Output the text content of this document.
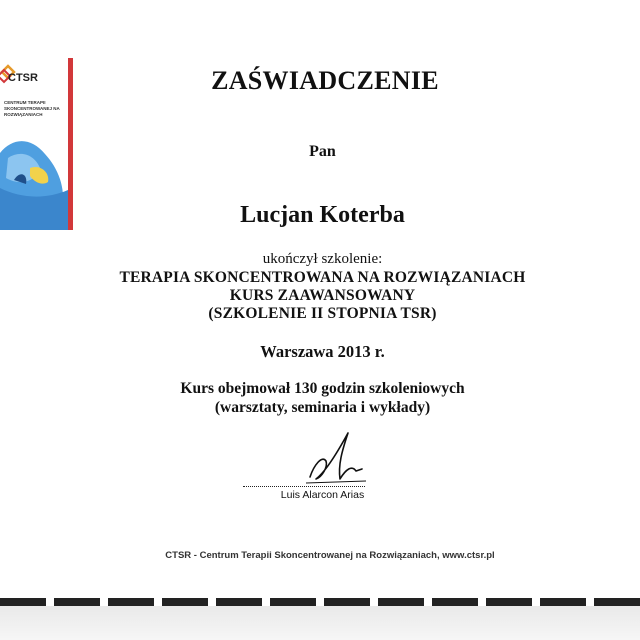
CTSR
CENTRUM TERAPII SKONCENTROWANEJ NA ROZWIĄZANIACH
ZAŚWIADCZENIE
Pan
Lucjan Koterba
ukończył szkolenie:
TERAPIA SKONCENTROWANA NA ROZWIĄZANIACH
KURS ZAAWANSOWANY
(SZKOLENIE II STOPNIA TSR)
Warszawa 2013 r.
Kurs obejmował 130 godzin szkoleniowych
(warsztaty, seminaria i wykłady)
Luis Alarcon Arias
CTSR - Centrum Terapii Skoncentrowanej na Rozwiązaniach, www.ctsr.pl
